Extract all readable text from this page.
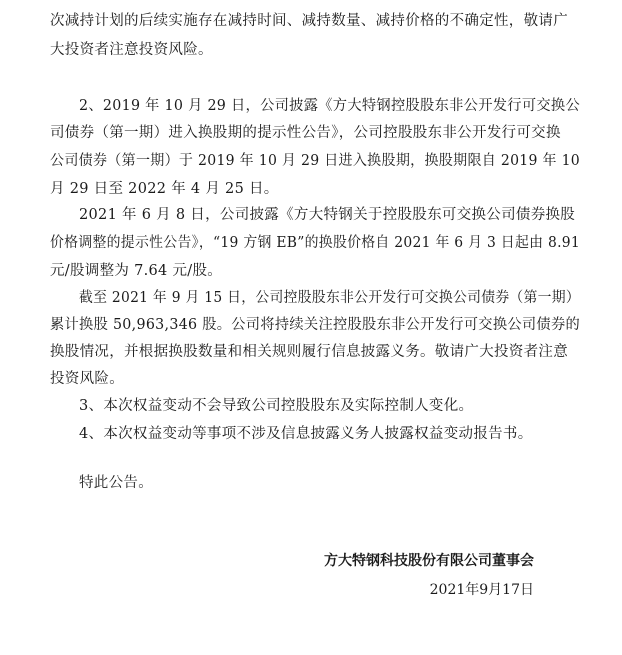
次减持计划的后续实施存在减持时间、减持数量、减持价格的不确定性，敬请广
大投资者注意投资风险。
2、2019 年 10 月 29 日，公司披露《方大特钢控股股东非公开发行可交换公
司债券（第一期）进入换股期的提示性公告》，公司控股股东非公开发行可交换
公司债券（第一期）于 2019 年 10 月 29 日进入换股期，换股期限自 2019 年 10
月 29 日至 2022 年 4 月 25 日。
2021 年 6 月 8 日，公司披露《方大特钢关于控股股东可交换公司债券换股
价格调整的提示性公告》，“19 方钢 EB”的换股价格自 2021 年 6 月 3 日起由 8.91
元/股调整为 7.64 元/股。
截至 2021 年 9 月 15 日，公司控股股东非公开发行可交换公司债券（第一期）
累计换股 50,963,346 股。公司将持续关注控股股东非公开发行可交换公司债券的
换股情况，并根据换股数量和相关规则履行信息披露义务。敬请广大投资者注意
投资风险。
3、本次权益变动不会导致公司控股股东及实际控制人变化。
4、本次权益变动等事项不涉及信息披露义务人披露权益变动报告书。
特此公告。
方大特钢科技股份有限公司董事会
2021年9月17日
